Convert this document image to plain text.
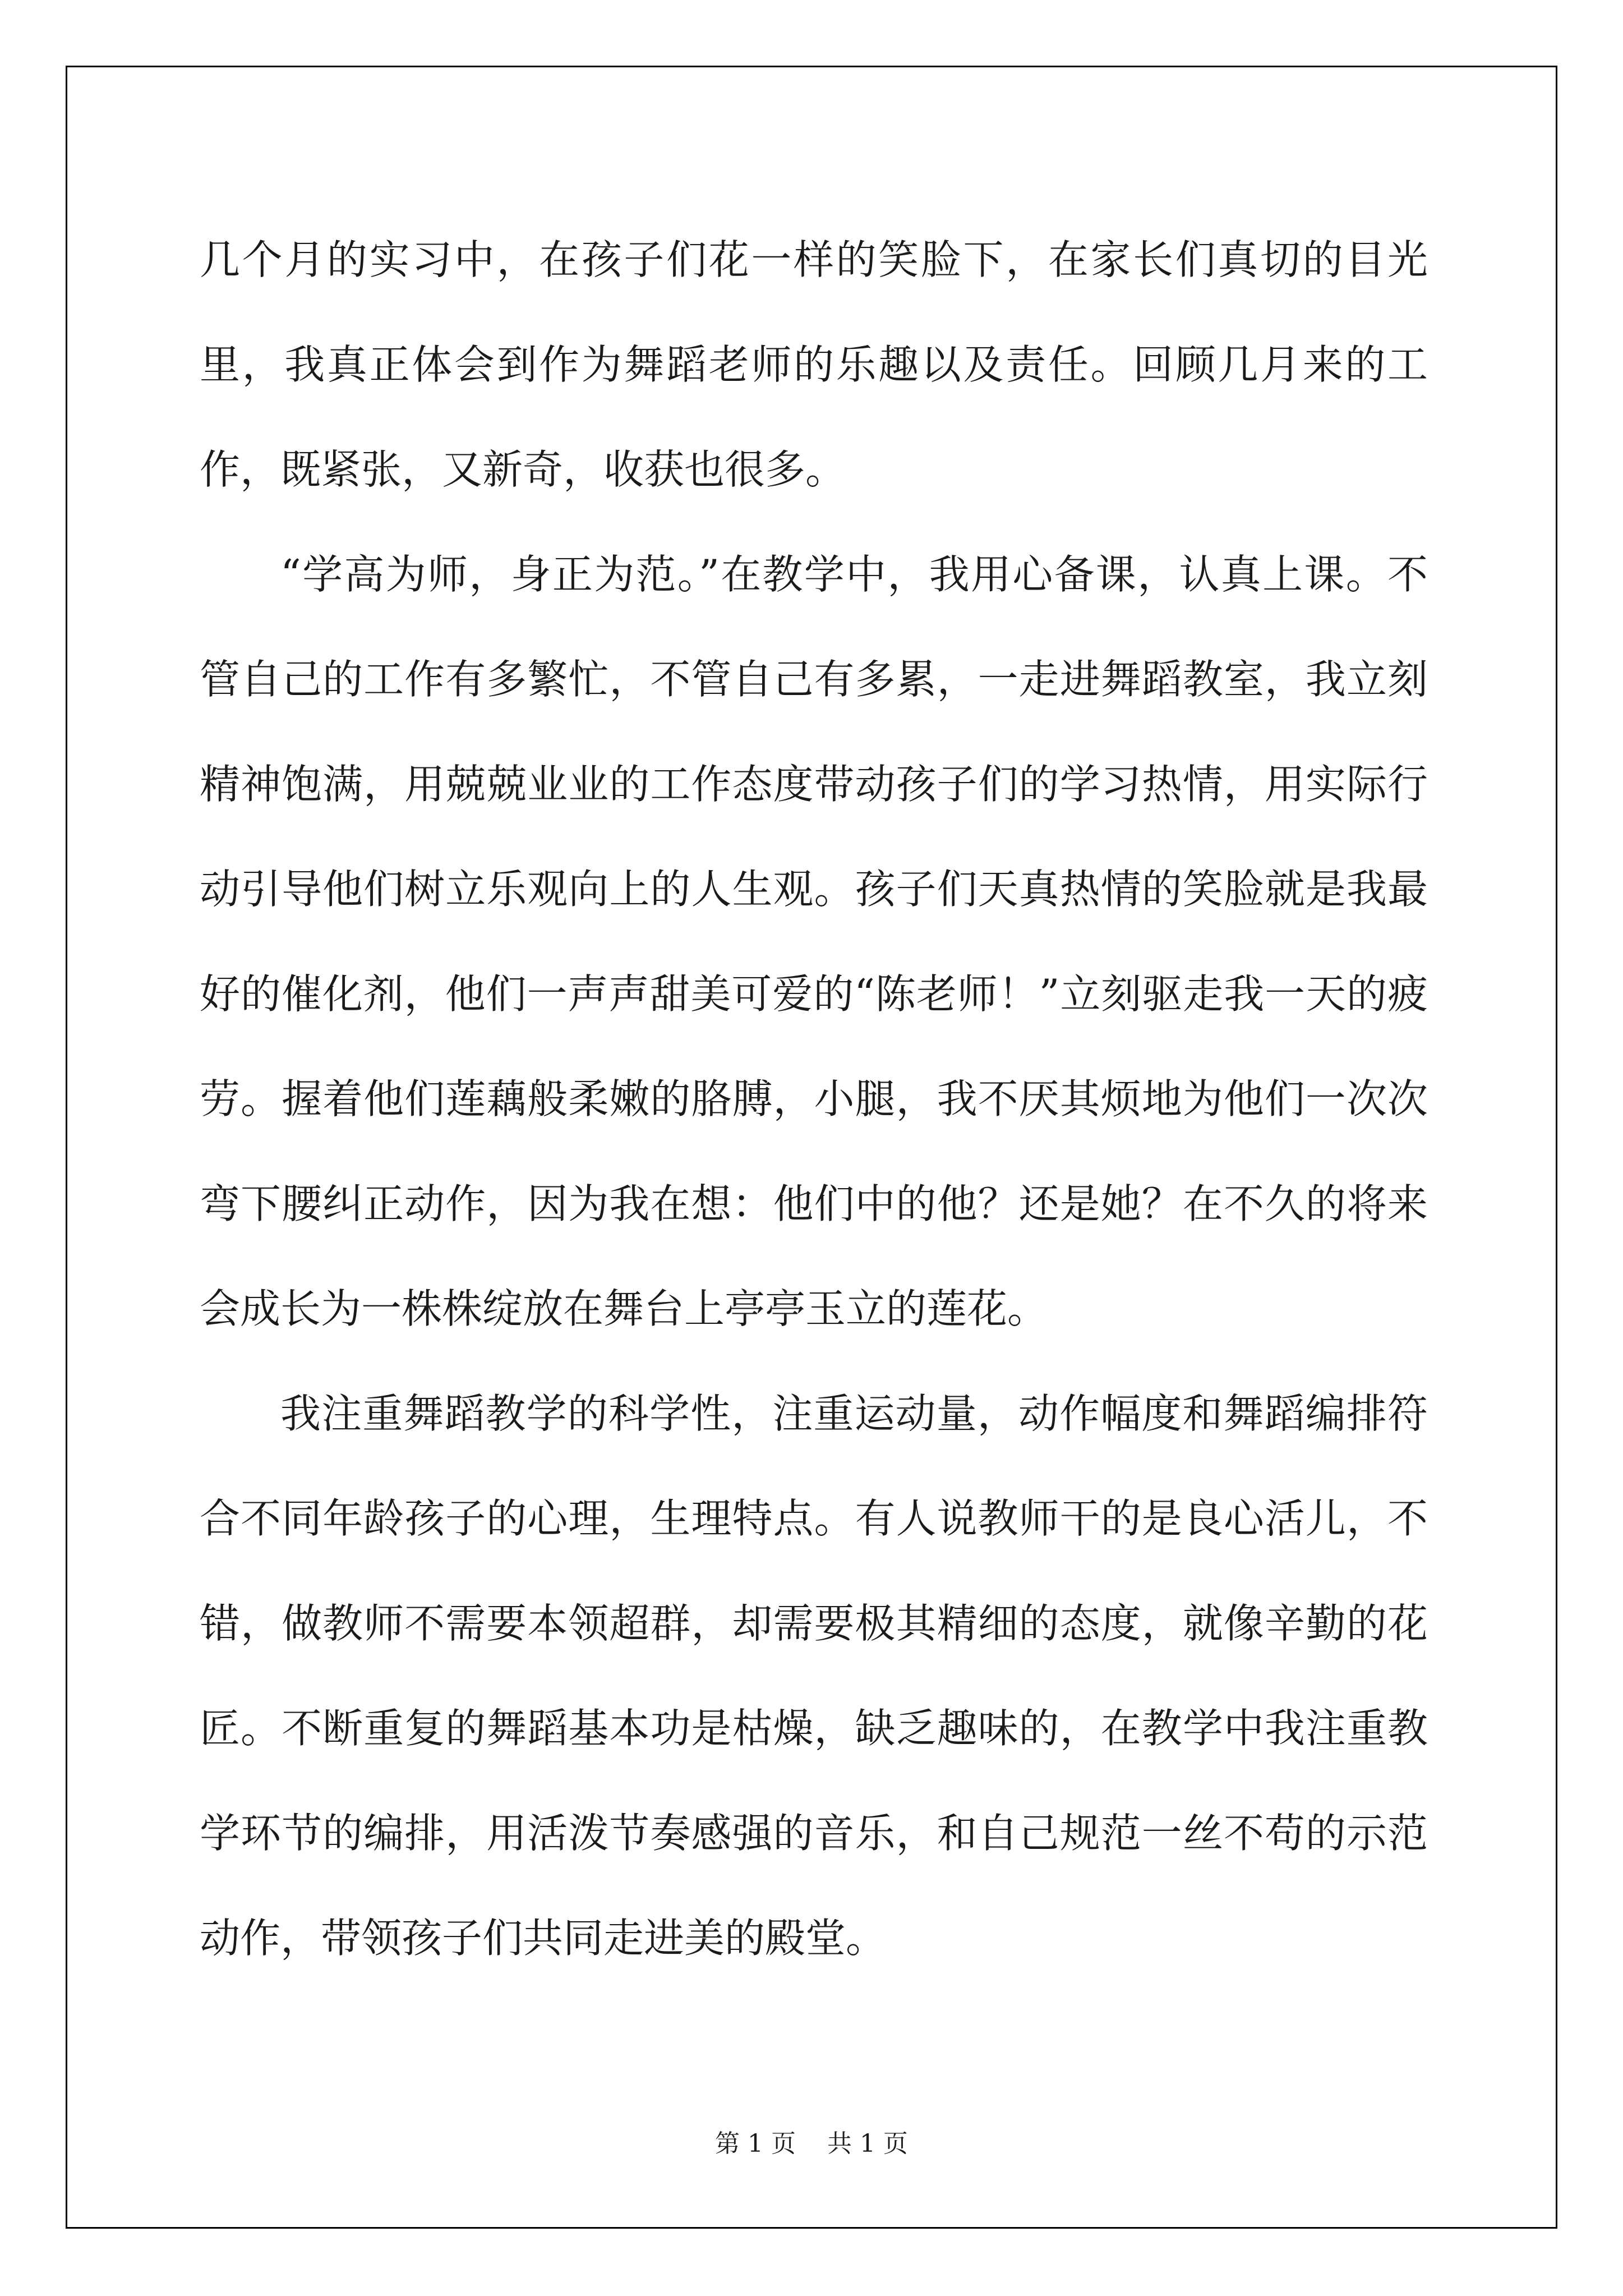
几个月的实习中，在孩子们花一样的笑脸下，在家长们真切的目光里，我真正体会到作为舞蹈老师的乐趣以及责任。回顾几月来的工作，既紧张，又新奇，收获也很多。

“学高为师，身正为范。”在教学中，我用心备课，认真上课。不管自己的工作有多繁忙，不管自己有多累，一走进舞蹈教室，我立刻精神饱满，用兢兢业业的工作态度带动孩子们的学习热情，用实际行动引导他们树立乐观向上的人生观。孩子们天真热情的笑脸就是我最好的催化剂，他们一声声甜美可爱的“陈老师！”立刻驱走我一天的疲劳。握着他们莲藕般柔嫩的胳膊，小腿，我不厌其烦地为他们一次次弯下腰纠正动作，因为我在想：他们中的他？还是她？在不久的将来会成长为一株株绽放在舞台上亭亭玉立的莲花。

我注重舞蹈教学的科学性，注重运动量，动作幅度和舞蹈编排符合不同年龄孩子的心理，生理特点。有人说教师干的是良心活儿，不错，做教师不需要本领超群，却需要极其精细的态度，就像辛勤的花匠。不断重复的舞蹈基本功是枯燥，缺乏趣味的，在教学中我注重教学环节的编排，用活泼节奏感强的音乐，和自己规范一丝不苟的示范动作，带领孩子们共同走进美的殿堂。

第 1 页    共 1 页
